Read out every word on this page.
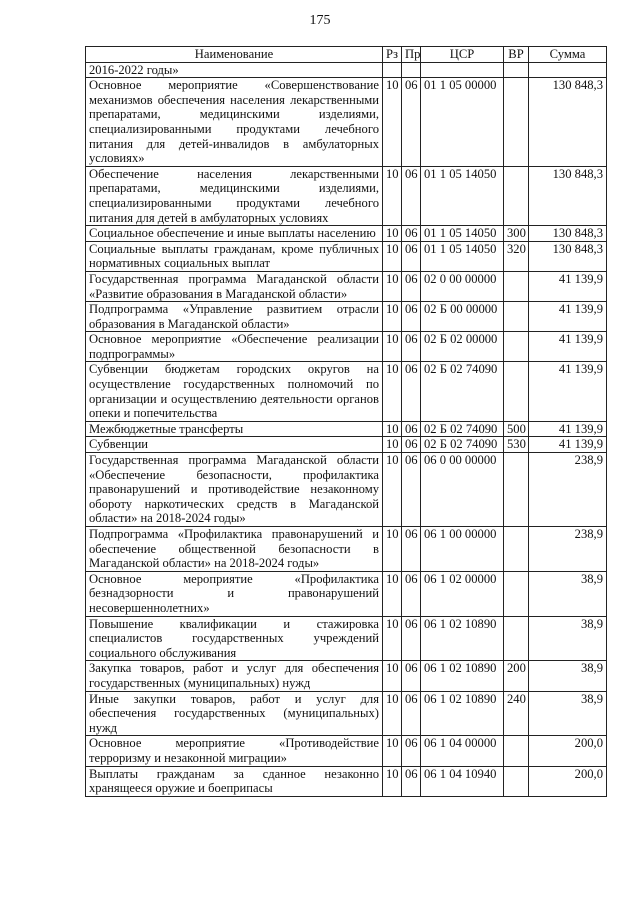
175
Наименование	Рз	Пр	ЦСР	ВР	Сумма
2016-2022 годы»					
Основное мероприятие «Совершенствование механизмов обеспечения населения лекарственными препаратами, медицинскими изделиями, специализированными продуктами лечебного питания для детей-инвалидов в амбулаторных условиях»	10	06	01 1 05 00000		130 848,3
Обеспечение населения лекарственными препаратами, медицинскими изделиями, специализированными продуктами лечебного питания для детей в амбулаторных условиях	10	06	01 1 05 14050		130 848,3
Социальное обеспечение и иные выплаты населению	10	06	01 1 05 14050	300	130 848,3
Социальные выплаты гражданам, кроме публичных нормативных социальных выплат	10	06	01 1 05 14050	320	130 848,3
Государственная программа Магаданской области «Развитие образования в Магаданской области»	10	06	02 0 00 00000		41 139,9
Подпрограмма «Управление развитием отрасли образования в Магаданской области»	10	06	02 Б 00 00000		41 139,9
Основное мероприятие «Обеспечение реализации подпрограммы»	10	06	02 Б 02 00000		41 139,9
Субвенции бюджетам городских округов на осуществление государственных полномочий по организации и осуществлению деятельности органов опеки и попечительства	10	06	02 Б 02 74090		41 139,9
Межбюджетные трансферты	10	06	02 Б 02 74090	500	41 139,9
Субвенции	10	06	02 Б 02 74090	530	41 139,9
Государственная программа Магаданской области «Обеспечение безопасности, профилактика правонарушений и противодействие незаконному обороту наркотических средств в Магаданской области» на 2018-2024 годы»	10	06	06 0 00 00000		238,9
Подпрограмма «Профилактика правонарушений и обеспечение общественной безопасности в Магаданской области» на 2018-2024 годы»	10	06	06 1 00 00000		238,9
Основное мероприятие «Профилактика безнадзорности и правонарушений несовершеннолетних»	10	06	06 1 02 00000		38,9
Повышение квалификации и стажировка специалистов государственных учреждений социального обслуживания	10	06	06 1 02 10890		38,9
Закупка товаров, работ и услуг для обеспечения государственных (муниципальных) нужд	10	06	06 1 02 10890	200	38,9
Иные закупки товаров, работ и услуг для обеспечения государственных (муниципальных) нужд	10	06	06 1 02 10890	240	38,9
Основное мероприятие «Противодействие терроризму и незаконной миграции»	10	06	06 1 04 00000		200,0
Выплаты гражданам за сданное незаконно хранящееся оружие и боеприпасы	10	06	06 1 04 10940		200,0
